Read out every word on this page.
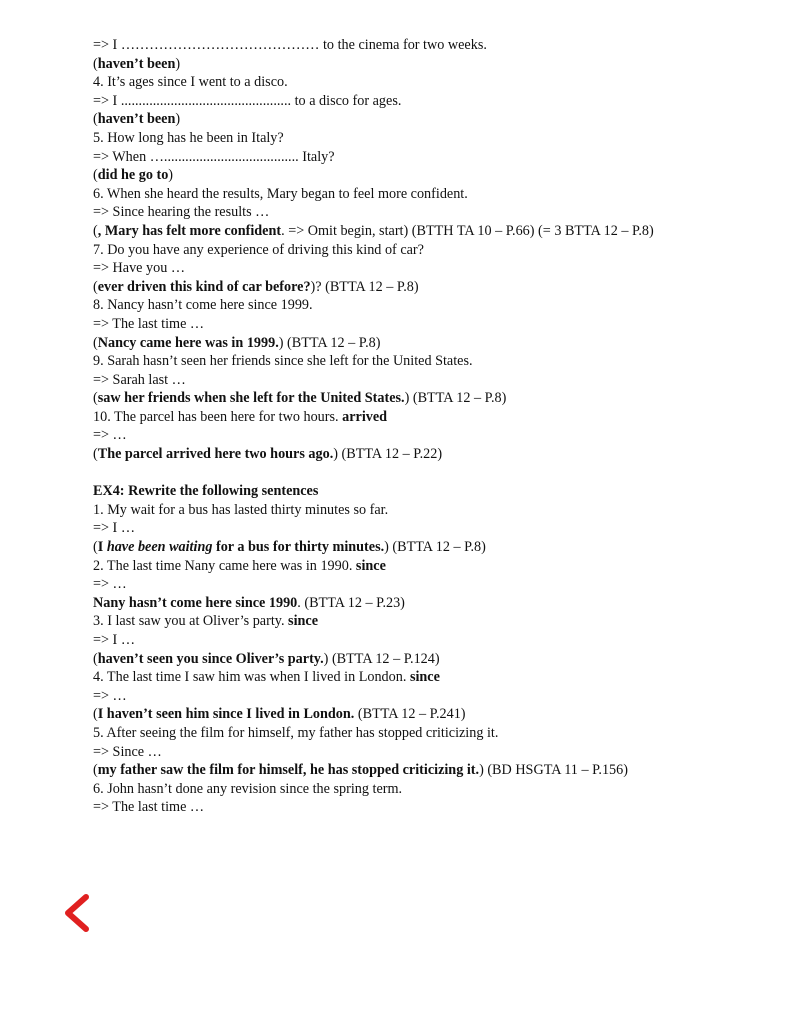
=> I …………………………………… to the cinema for two weeks.
(haven’t been)
4. It’s ages since I went to a disco.
=> I ................................................ to a disco for ages.
(haven’t been)
5. How long has he been in Italy?
=> When …...................................... Italy?
(did he go to)
6. When she heard the results, Mary began to feel more confident.
=> Since hearing the results …
(, Mary has felt more confident. => Omit begin, start) (BTTH TA 10 – P.66) (= 3 BTTA 12 – P.8)
7. Do you have any experience of driving this kind of car?
=> Have you …
(ever driven this kind of car before?)? (BTTA 12 – P.8)
8. Nancy hasn’t come here since 1999.
=> The last time …
(Nancy came here was in 1999.) (BTTA 12 – P.8)
9. Sarah hasn’t seen her friends since she left for the United States.
=> Sarah last …
(saw her friends when she left for the United States.) (BTTA 12 – P.8)
10. The parcel has been here for two hours. arrived
=> …
(The parcel arrived here two hours ago.) (BTTA 12 – P.22)
EX4: Rewrite the following sentences
1. My wait for a bus has lasted thirty minutes so far.
=> I …
(I have been waiting for a bus for thirty minutes.) (BTTA 12 – P.8)
2. The last time Nany came here was in 1990. since
=> …
Nany hasn’t come here since 1990. (BTTA 12 – P.23)
3. I last saw you at Oliver’s party. since
=> I …
(haven’t seen you since Oliver’s party.) (BTTA 12 – P.124)
4. The last time I saw him was when I lived in London. since
=> …
(I haven’t seen him since I lived in London. (BTTA 12 – P.241)
5. After seeing the film for himself, my father has stopped criticizing it.
=> Since …
(my father saw the film for himself, he has stopped criticizing it.) (BD HSGTA 11 – P.156)
6. John hasn’t done any revision since the spring term.
=> The last time …
